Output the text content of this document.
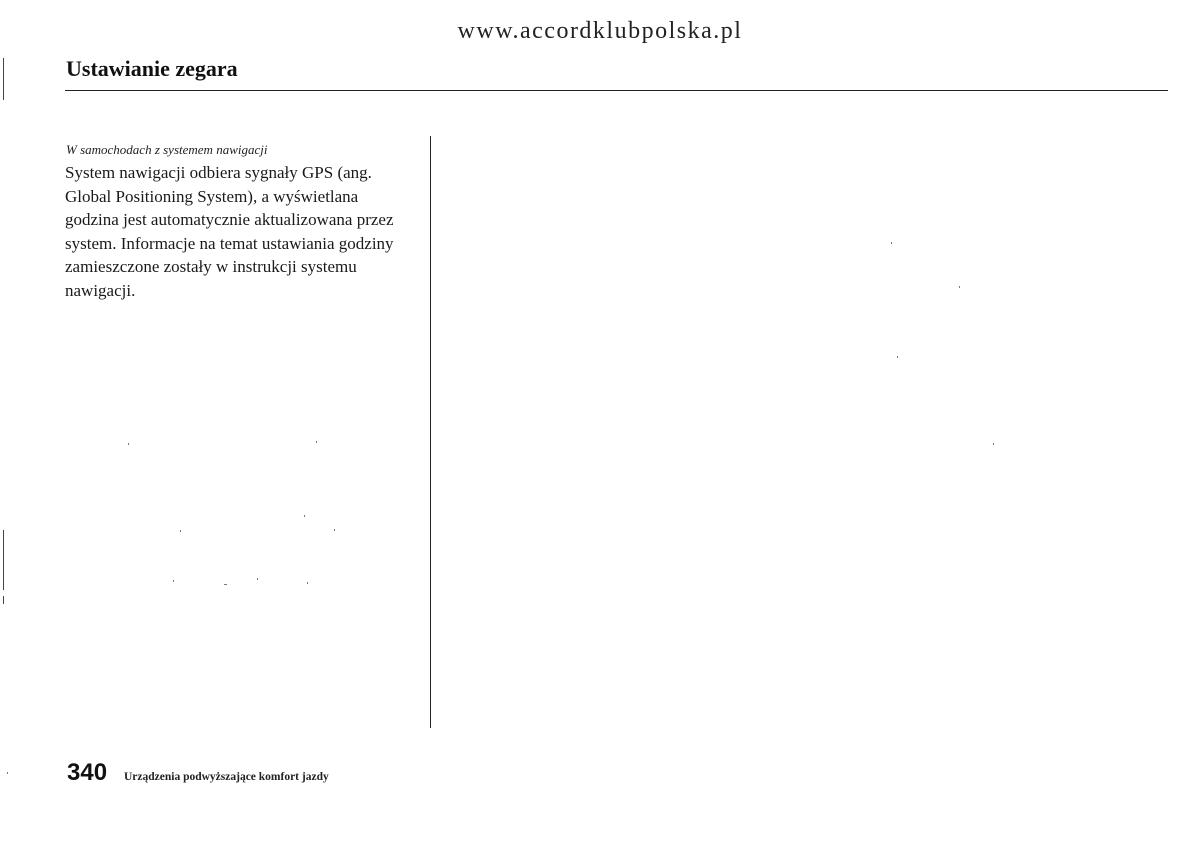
www.accordklubpolska.pl
Ustawianie zegara
W samochodach z systemem nawigacji
System nawigacji odbiera sygnały GPS (ang. Global Positioning System), a wyświetlana godzina jest automatycznie aktualizowana przez system. Informacje na temat ustawiania godziny zamieszczone zostały w instrukcji systemu nawigacji.
340 Urządzenia podwyższające komfort jazdy
